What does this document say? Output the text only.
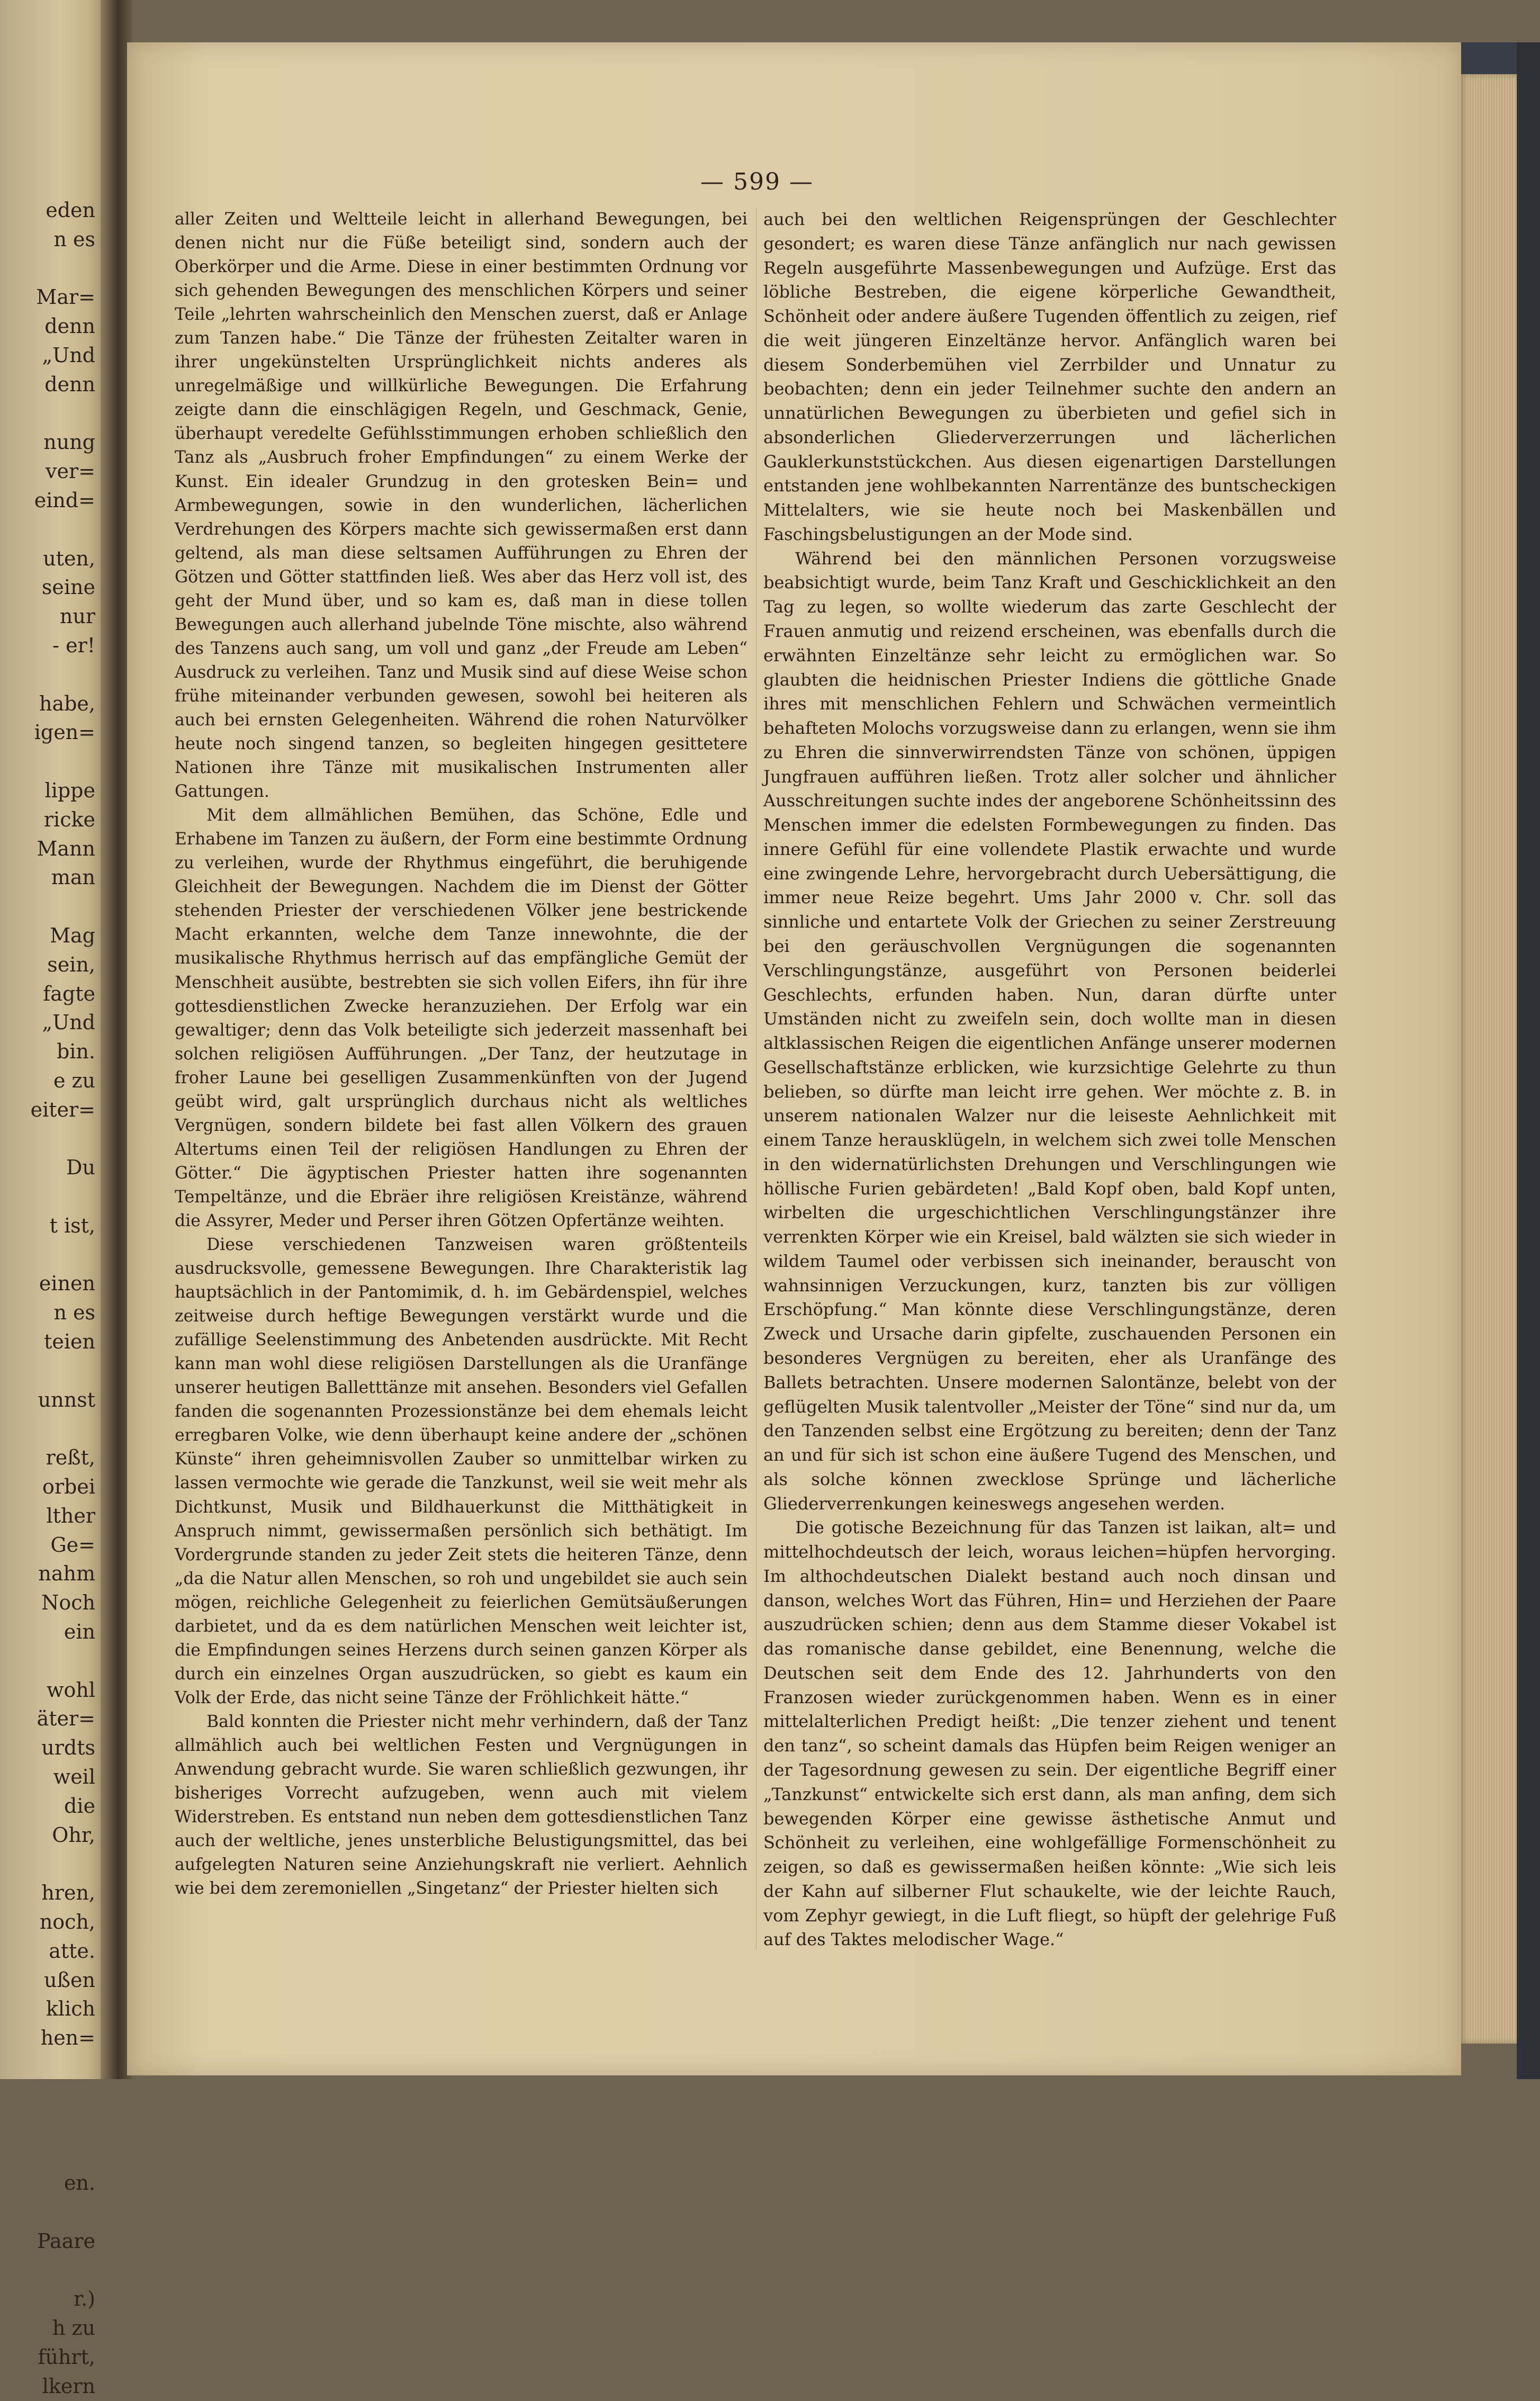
eden
n es
Mar=
denn
„Und
denn
nung
ver=
eind=
uten,
seine
nur
- er!
habe,
igen=
lippe
ricke
Mann
man
Mag
sein,
fagte
„Und
bin.
e zu
eiter=
Du
t ist,
einen
n es
teien
unnst
reßt,
orbei
lther
Ge=
nahm
Noch
ein
wohl
äter=
urdts
weil
die
Ohr,
hren,
noch,
atte.
ußen
klich
hen=
en.
Paare
r.)
h zu
führt,
lkern
— 599 —

aller Zeiten und Weltteile leicht in allerhand Bewegungen, bei denen nicht nur die Füße beteiligt sind, sondern auch der Oberkörper und die Arme. Diese in einer bestimmten Ordnung vor sich gehenden Bewegungen des menschlichen Körpers und seiner Teile „lehrten wahrscheinlich den Menschen zuerst, daß er Anlage zum Tanzen habe.“ Die Tänze der frühesten Zeitalter waren in ihrer ungekünstelten Ursprünglichkeit nichts anderes als unregelmäßige und willkürliche Bewegungen. Die Erfahrung zeigte dann die einschlägigen Regeln, und Geschmack, Genie, überhaupt veredelte Gefühlsstimmungen erhoben schließlich den Tanz als „Ausbruch froher Empfindungen“ zu einem Werke der Kunst. Ein idealer Grundzug in den grotesken Bein= und Armbewegungen, sowie in den wunderlichen, lächerlichen Verdrehungen des Körpers machte sich gewissermaßen erst dann geltend, als man diese seltsamen Aufführungen zu Ehren der Götzen und Götter stattfinden ließ. Wes aber das Herz voll ist, des geht der Mund über, und so kam es, daß man in diese tollen Bewegungen auch allerhand jubelnde Töne mischte, also während des Tanzens auch sang, um voll und ganz „der Freude am Leben“ Ausdruck zu verleihen. Tanz und Musik sind auf diese Weise schon frühe miteinander verbunden gewesen, sowohl bei heiteren als auch bei ernsten Gelegenheiten. Während die rohen Naturvölker heute noch singend tanzen, so begleiten hingegen gesittetere Nationen ihre Tänze mit musikalischen Instrumenten aller Gattungen.

Mit dem allmählichen Bemühen, das Schöne, Edle und Erhabene im Tanzen zu äußern, der Form eine bestimmte Ordnung zu verleihen, wurde der Rhythmus eingeführt, die beruhigende Gleichheit der Bewegungen. Nachdem die im Dienst der Götter stehenden Priester der verschiedenen Völker jene bestrickende Macht erkannten, welche dem Tanze innewohnte, die der musikalische Rhythmus herrisch auf das empfängliche Gemüt der Menschheit ausübte, bestrebten sie sich vollen Eifers, ihn für ihre gottesdienstlichen Zwecke heranzuziehen. Der Erfolg war ein gewaltiger; denn das Volk beteiligte sich jederzeit massenhaft bei solchen religiösen Aufführungen. „Der Tanz, der heutzutage in froher Laune bei geselligen Zusammenkünften von der Jugend geübt wird, galt ursprünglich durchaus nicht als weltliches Vergnügen, sondern bildete bei fast allen Völkern des grauen Altertums einen Teil der religiösen Handlungen zu Ehren der Götter.“ Die ägyptischen Priester hatten ihre sogenannten Tempeltänze, und die Ebräer ihre religiösen Kreistänze, während die Assyrer, Meder und Perser ihren Götzen Opfertänze weihten.

Diese verschiedenen Tanzweisen waren größtenteils ausdrucksvolle, gemessene Bewegungen. Ihre Charakteristik lag hauptsächlich in der Pantomimik, d. h. im Gebärdenspiel, welches zeitweise durch heftige Bewegungen verstärkt wurde und die zufällige Seelenstimmung des Anbetenden ausdrückte. Mit Recht kann man wohl diese religiösen Darstellungen als die Uranfänge unserer heutigen Balletttänze mit ansehen. Besonders viel Gefallen fanden die sogenannten Prozessionstänze bei dem ehemals leicht erregbaren Volke, wie denn überhaupt keine andere der „schönen Künste“ ihren geheimnisvollen Zauber so unmittelbar wirken zu lassen vermochte wie gerade die Tanzkunst, weil sie weit mehr als Dichtkunst, Musik und Bildhauerkunst die Mitthätigkeit in Anspruch nimmt, gewissermaßen persönlich sich bethätigt. Im Vordergrunde standen zu jeder Zeit stets die heiteren Tänze, denn „da die Natur allen Menschen, so roh und ungebildet sie auch sein mögen, reichliche Gelegenheit zu feierlichen Gemütsäußerungen darbietet, und da es dem natürlichen Menschen weit leichter ist, die Empfindungen seines Herzens durch seinen ganzen Körper als durch ein einzelnes Organ auszudrücken, so giebt es kaum ein Volk der Erde, das nicht seine Tänze der Fröhlichkeit hätte.“

Bald konnten die Priester nicht mehr verhindern, daß der Tanz allmählich auch bei weltlichen Festen und Vergnügungen in Anwendung gebracht wurde. Sie waren schließlich gezwungen, ihr bisheriges Vorrecht aufzugeben, wenn auch mit vielem Widerstreben. Es entstand nun neben dem gottesdienstlichen Tanz auch der weltliche, jenes unsterbliche Belustigungsmittel, das bei aufgelegten Naturen seine Anziehungskraft nie verliert. Aehnlich wie bei dem zeremoniellen „Singetanz“ der Priester hielten sich

auch bei den weltlichen Reigensprüngen der Geschlechter gesondert; es waren diese Tänze anfänglich nur nach gewissen Regeln ausgeführte Massenbewegungen und Aufzüge. Erst das löbliche Bestreben, die eigene körperliche Gewandtheit, Schönheit oder andere äußere Tugenden öffentlich zu zeigen, rief die weit jüngeren Einzeltänze hervor. Anfänglich waren bei diesem Sonderbemühen viel Zerrbilder und Unnatur zu beobachten; denn ein jeder Teilnehmer suchte den andern an unnatürlichen Bewegungen zu überbieten und gefiel sich in absonderlichen Gliederverzerrungen und lächerlichen Gauklerkunststückchen. Aus diesen eigenartigen Darstellungen entstanden jene wohlbekannten Narrentänze des buntscheckigen Mittelalters, wie sie heute noch bei Maskenbällen und Faschingsbelustigungen an der Mode sind.

Während bei den männlichen Personen vorzugsweise beabsichtigt wurde, beim Tanz Kraft und Geschicklichkeit an den Tag zu legen, so wollte wiederum das zarte Geschlecht der Frauen anmutig und reizend erscheinen, was ebenfalls durch die erwähnten Einzeltänze sehr leicht zu ermöglichen war. So glaubten die heidnischen Priester Indiens die göttliche Gnade ihres mit menschlichen Fehlern und Schwächen vermeintlich behafteten Molochs vorzugsweise dann zu erlangen, wenn sie ihm zu Ehren die sinnverwirrendsten Tänze von schönen, üppigen Jungfrauen aufführen ließen. Trotz aller solcher und ähnlicher Ausschreitungen suchte indes der angeborene Schönheitssinn des Menschen immer die edelsten Formbewegungen zu finden. Das innere Gefühl für eine vollendete Plastik erwachte und wurde eine zwingende Lehre, hervorgebracht durch Uebersättigung, die immer neue Reize begehrt. Ums Jahr 2000 v. Chr. soll das sinnliche und entartete Volk der Griechen zu seiner Zerstreuung bei den geräuschvollen Vergnügungen die sogenannten Verschlingungstänze, ausgeführt von Personen beiderlei Geschlechts, erfunden haben. Nun, daran dürfte unter Umständen nicht zu zweifeln sein, doch wollte man in diesen altklassischen Reigen die eigentlichen Anfänge unserer modernen Gesellschaftstänze erblicken, wie kurzsichtige Gelehrte zu thun belieben, so dürfte man leicht irre gehen. Wer möchte z. B. in unserem nationalen Walzer nur die leiseste Aehnlichkeit mit einem Tanze herausklügeln, in welchem sich zwei tolle Menschen in den widernatürlichsten Drehungen und Verschlingungen wie höllische Furien gebärdeten! „Bald Kopf oben, bald Kopf unten, wirbelten die urgeschichtlichen Verschlingungstänzer ihre verrenkten Körper wie ein Kreisel, bald wälzten sie sich wieder in wildem Taumel oder verbissen sich ineinander, berauscht von wahnsinnigen Verzuckungen, kurz, tanzten bis zur völligen Erschöpfung.“ Man könnte diese Verschlingungstänze, deren Zweck und Ursache darin gipfelte, zuschauenden Personen ein besonderes Vergnügen zu bereiten, eher als Uranfänge des Ballets betrachten. Unsere modernen Salontänze, belebt von der geflügelten Musik talentvoller „Meister der Töne“ sind nur da, um den Tanzenden selbst eine Ergötzung zu bereiten; denn der Tanz an und für sich ist schon eine äußere Tugend des Menschen, und als solche können zwecklose Sprünge und lächerliche Gliederverrenkungen keineswegs angesehen werden.

Die gotische Bezeichnung für das Tanzen ist laikan, alt= und mittelhochdeutsch der leich, woraus leichen=hüpfen hervorging. Im althochdeutschen Dialekt bestand auch noch dinsan und danson, welches Wort das Führen, Hin= und Herziehen der Paare auszudrücken schien; denn aus dem Stamme dieser Vokabel ist das romanische danse gebildet, eine Benennung, welche die Deutschen seit dem Ende des 12. Jahrhunderts von den Franzosen wieder zurückgenommen haben. Wenn es in einer mittelalterlichen Predigt heißt: „Die tenzer ziehent und tenent den tanz“, so scheint damals das Hüpfen beim Reigen weniger an der Tagesordnung gewesen zu sein. Der eigentliche Begriff einer „Tanzkunst“ entwickelte sich erst dann, als man anfing, dem sich bewegenden Körper eine gewisse ästhetische Anmut und Schönheit zu verleihen, eine wohlgefällige Formenschönheit zu zeigen, so daß es gewissermaßen heißen könnte: „Wie sich leis der Kahn auf silberner Flut schaukelte, wie der leichte Rauch, vom Zephyr gewiegt, in die Luft fliegt, so hüpft der gelehrige Fuß auf des Taktes melodischer Wage.“
